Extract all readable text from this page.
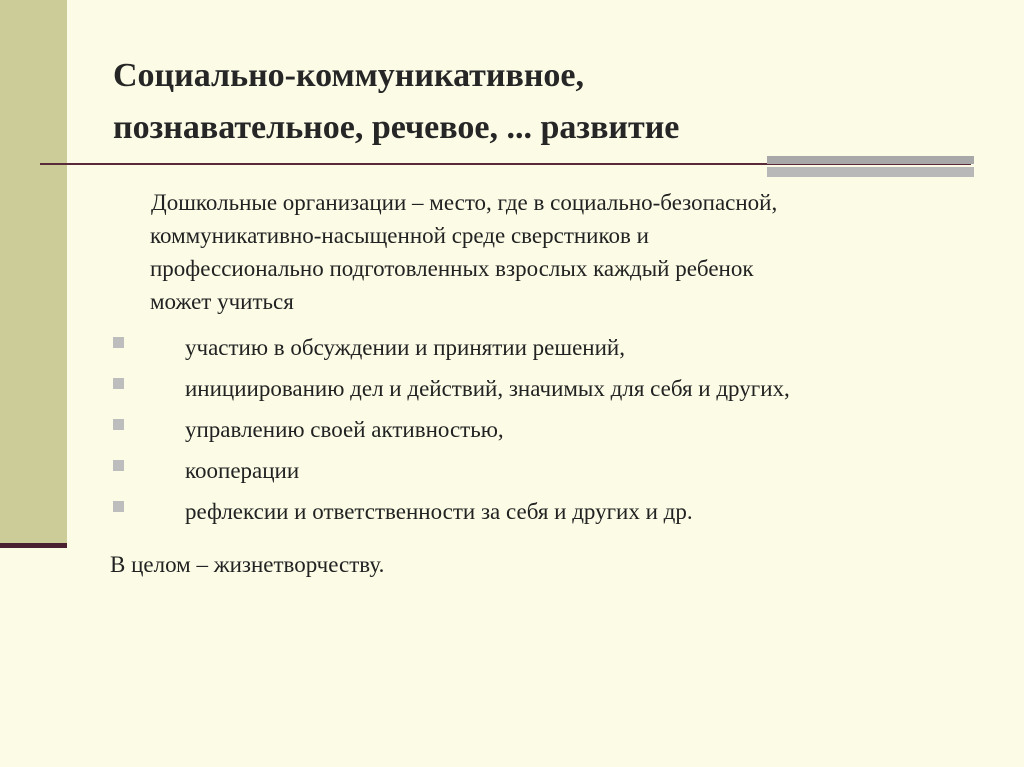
Социально-коммуникативное,
познавательное, речевое, ... развитие
Дошкольные организации – место, где в социально-безопасной,
коммуникативно-насыщенной среде сверстников и
профессионально подготовленных взрослых каждый ребенок
может учиться
участию в обсуждении и принятии решений,
инициированию дел и действий, значимых для себя и других,
управлению своей активностью,
кооперации
рефлексии и ответственности за себя и других и др.
В целом – жизнетворчеству.
